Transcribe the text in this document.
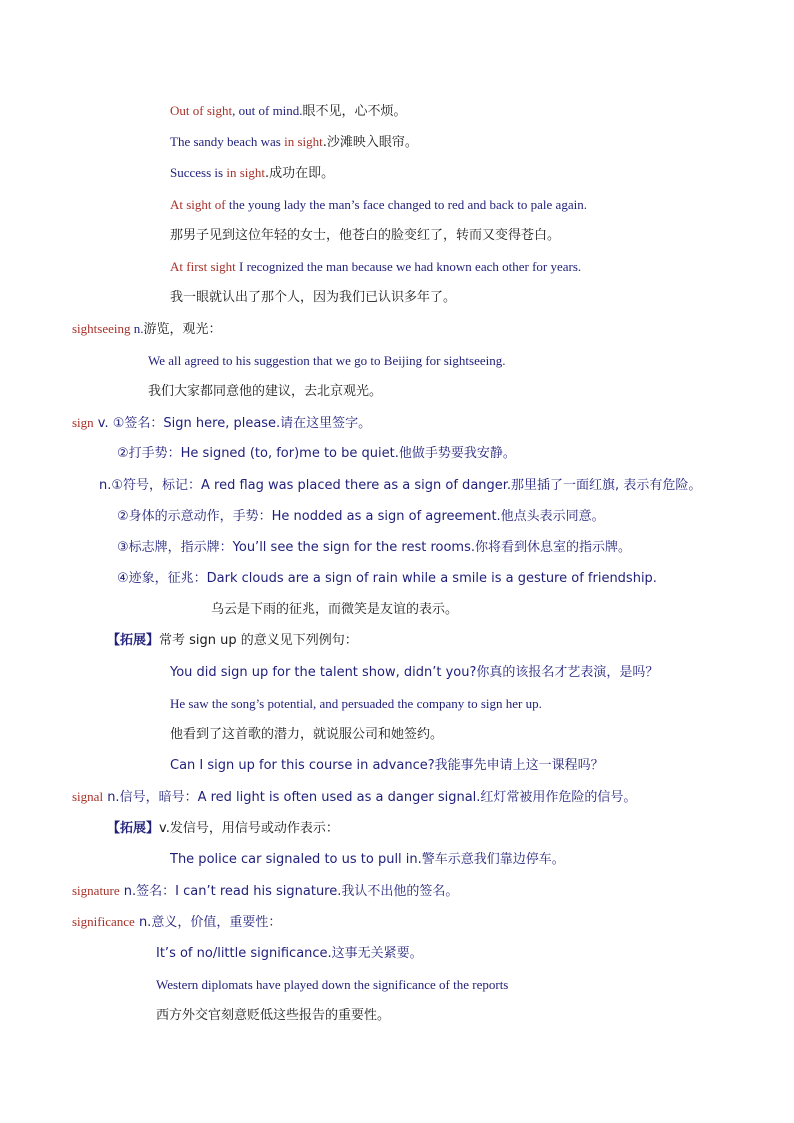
Out of sight, out of mind.眼不见，心不烦。
The sandy beach was in sight.沙滩映入眼帘。
Success is in sight.成功在即。
At sight of the young lady the man’s face changed to red and back to pale again.
那男子见到这位年轻的女士，他苍白的脸变红了，转而又变得苍白。
At first sight I recognized the man because we had known each other for years.
我一眼就认出了那个人，因为我们已认识多年了。
sightseeing n.游览，观光：
We all agreed to his suggestion that we go to Beijing for sightseeing.
我们大家都同意他的建议，去北京观光。
sign v. ①签名：Sign here, please.请在这里签字。
②打手势：He signed (to, for)me to be quiet.他做手势要我安静。
n.①符号，标记：A red flag was placed there as a sign of danger.那里插了一面红旗, 表示有危险。
②身体的示意动作，手势：He nodded as a sign of agreement.他点头表示同意。
③标志牌，指示牌：You’ll see the sign for the rest rooms.你将看到休息室的指示牌。
④迹象，征兆：Dark clouds are a sign of rain while a smile is a gesture of friendship.
乌云是下雨的征兆，而微笑是友谊的表示。
【拓展】常考 sign up 的意义见下列例句：
You did sign up for the talent show, didn’t you?你真的该报名才艺表演，是吗？
He saw the song’s potential, and persuaded the company to sign her up.
他看到了这首歌的潜力，就说服公司和她签约。
Can I sign up for this course in advance?我能事先申请上这一课程吗？
signal n.信号，暗号：A red light is often used as a danger signal.红灯常被用作危险的信号。
【拓展】v.发信号，用信号或动作表示：
The police car signaled to us to pull in.警车示意我们靠边停车。
signature n.签名：I can’t read his signature.我认不出他的签名。
significance n.意义，价值，重要性：
It’s of no/little significance.这事无关紧要。
Western diplomats have played down the significance of the reports
西方外交官刻意贬低这些报告的重要性。
